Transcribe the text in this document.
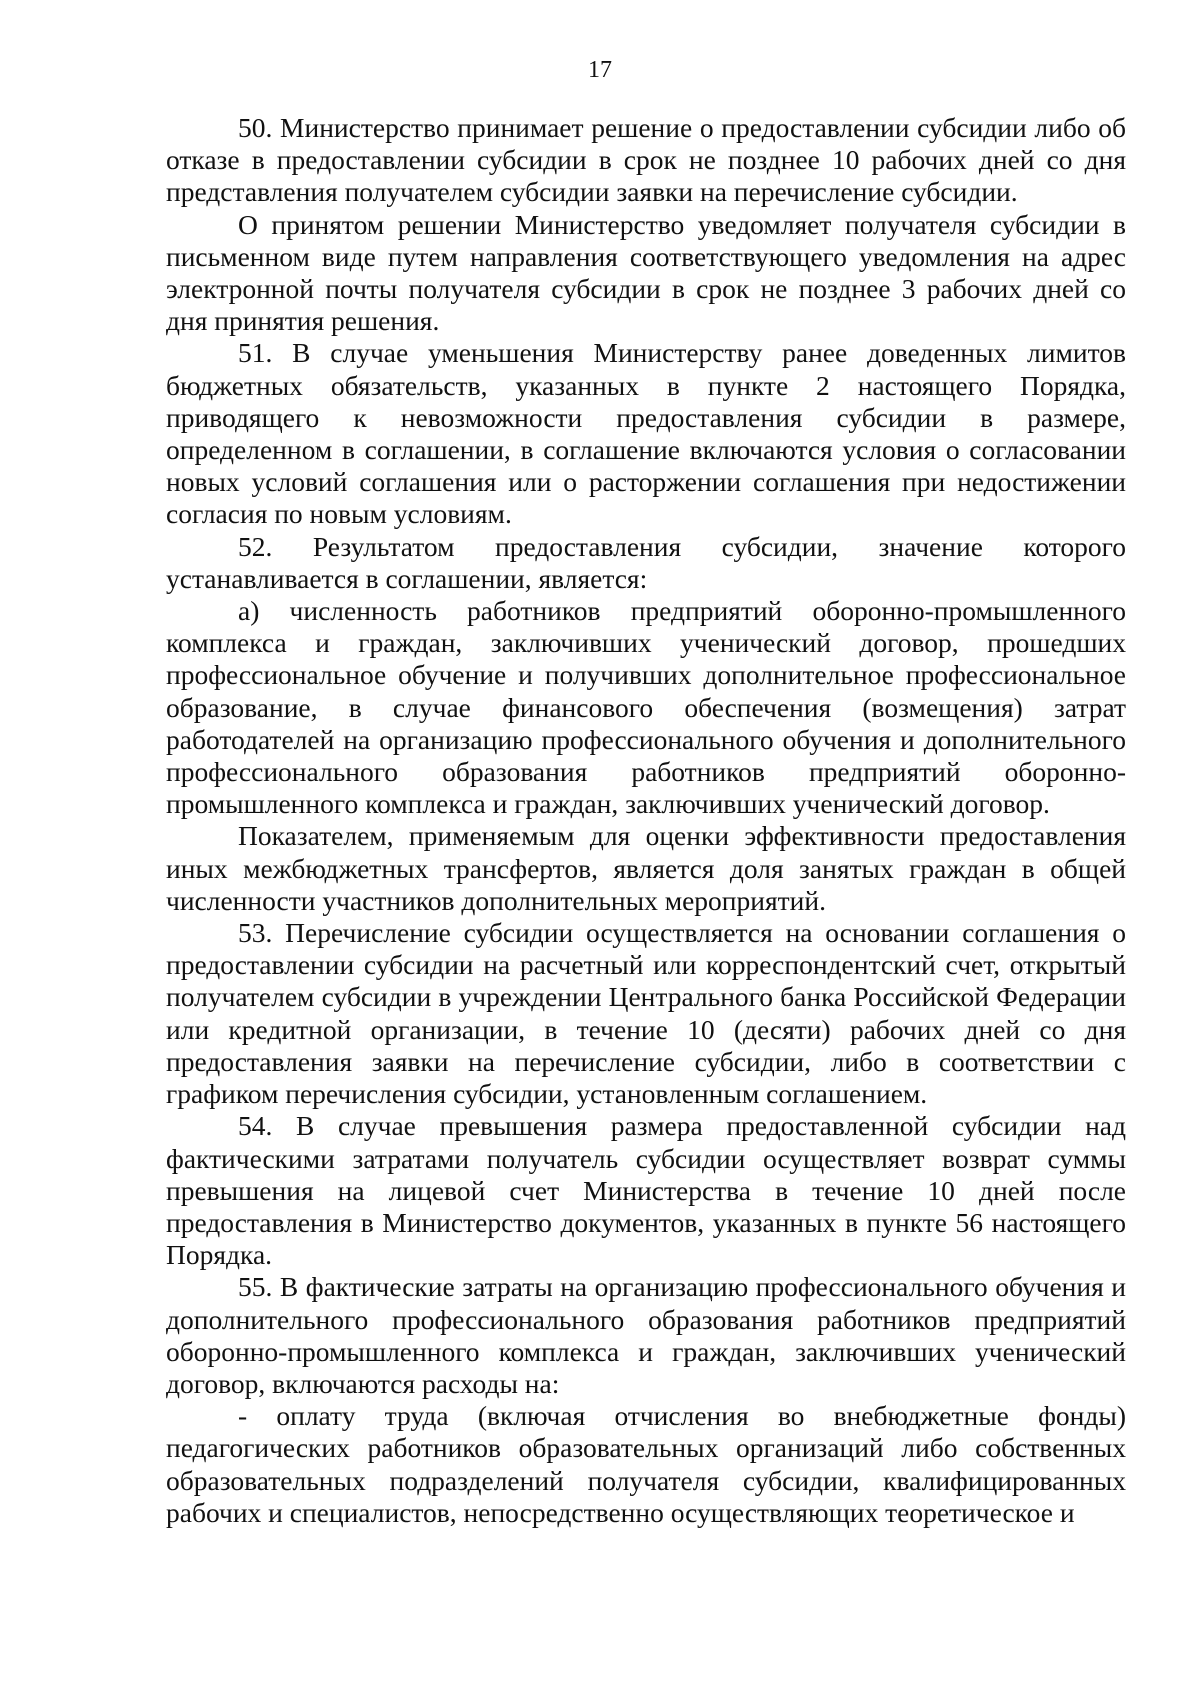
17

50. Министерство принимает решение о предоставлении субсидии либо об отказе в предоставлении субсидии в срок не позднее 10 рабочих дней со дня представления получателем субсидии заявки на перечисление субсидии.

О принятом решении Министерство уведомляет получателя субсидии в письменном виде путем направления соответствующего уведомления на адрес электронной почты получателя субсидии в срок не позднее 3 рабочих дней со дня принятия решения.

51. В случае уменьшения Министерству ранее доведенных лимитов бюджетных обязательств, указанных в пункте 2 настоящего Порядка, приводящего к невозможности предоставления субсидии в размере, определенном в соглашении, в соглашение включаются условия о согласовании новых условий соглашения или о расторжении соглашения при недостижении согласия по новым условиям.

52. Результатом предоставления субсидии, значение которого устанавливается в соглашении, является:

а) численность работников предприятий оборонно-промышленного комплекса и граждан, заключивших ученический договор, прошедших профессиональное обучение и получивших дополнительное профессиональное образование, в случае финансового обеспечения (возмещения) затрат работодателей на организацию профессионального обучения и дополнительного профессионального образования работников предприятий оборонно-промышленного комплекса и граждан, заключивших ученический договор.

Показателем, применяемым для оценки эффективности предоставления иных межбюджетных трансфертов, является доля занятых граждан в общей численности участников дополнительных мероприятий.

53. Перечисление субсидии осуществляется на основании соглашения о предоставлении субсидии на расчетный или корреспондентский счет, открытый получателем субсидии в учреждении Центрального банка Российской Федерации или кредитной организации, в течение 10 (десяти) рабочих дней со дня предоставления заявки на перечисление субсидии, либо в соответствии с графиком перечисления субсидии, установленным соглашением.

54. В случае превышения размера предоставленной субсидии над фактическими затратами получатель субсидии осуществляет возврат суммы превышения на лицевой счет Министерства в течение 10 дней после предоставления в Министерство документов, указанных в пункте 56 настоящего Порядка.

55. В фактические затраты на организацию профессионального обучения и дополнительного профессионального образования работников предприятий оборонно-промышленного комплекса и граждан, заключивших ученический договор, включаются расходы на:

- оплату труда (включая отчисления во внебюджетные фонды) педагогических работников образовательных организаций либо собственных образовательных подразделений получателя субсидии, квалифицированных рабочих и специалистов, непосредственно осуществляющих теоретическое и
